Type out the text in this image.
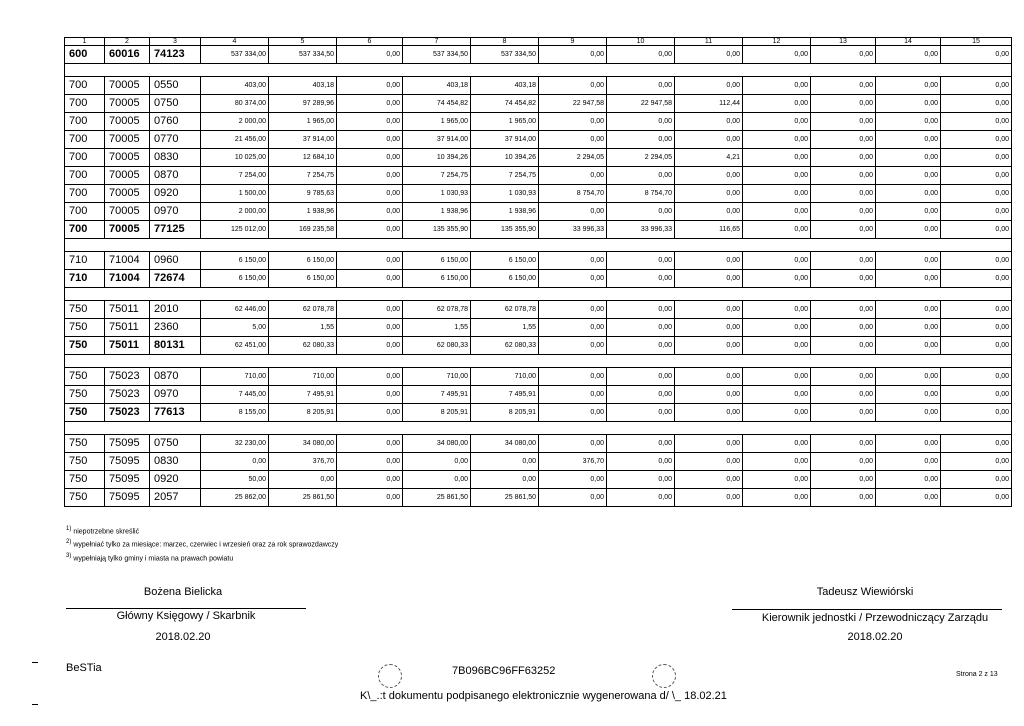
1	2	3	4	5	6	7	8	9	10	11	12	13	14	15
600	60016	74123	537 334,00	537 334,50	0,00	537 334,50	537 334,50	0,00	0,00	0,00	0,00	0,00	0,00	0,00

700	70005	0550	403,00	403,18	0,00	403,18	403,18	0,00	0,00	0,00	0,00	0,00	0,00	0,00
700	70005	0750	80 374,00	97 289,96	0,00	74 454,82	74 454,82	22 947,58	22 947,58	112,44	0,00	0,00	0,00	0,00
700	70005	0760	2 000,00	1 965,00	0,00	1 965,00	1 965,00	0,00	0,00	0,00	0,00	0,00	0,00	0,00
700	70005	0770	21 456,00	37 914,00	0,00	37 914,00	37 914,00	0,00	0,00	0,00	0,00	0,00	0,00	0,00
700	70005	0830	10 025,00	12 684,10	0,00	10 394,26	10 394,26	2 294,05	2 294,05	4,21	0,00	0,00	0,00	0,00
700	70005	0870	7 254,00	7 254,75	0,00	7 254,75	7 254,75	0,00	0,00	0,00	0,00	0,00	0,00	0,00
700	70005	0920	1 500,00	9 785,63	0,00	1 030,93	1 030,93	8 754,70	8 754,70	0,00	0,00	0,00	0,00	0,00
700	70005	0970	2 000,00	1 938,96	0,00	1 938,96	1 938,96	0,00	0,00	0,00	0,00	0,00	0,00	0,00
700	70005	77125	125 012,00	169 235,58	0,00	135 355,90	135 355,90	33 996,33	33 996,33	116,65	0,00	0,00	0,00	0,00

710	71004	0960	6 150,00	6 150,00	0,00	6 150,00	6 150,00	0,00	0,00	0,00	0,00	0,00	0,00	0,00
710	71004	72674	6 150,00	6 150,00	0,00	6 150,00	6 150,00	0,00	0,00	0,00	0,00	0,00	0,00	0,00

750	75011	2010	62 446,00	62 078,78	0,00	62 078,78	62 078,78	0,00	0,00	0,00	0,00	0,00	0,00	0,00
750	75011	2360	5,00	1,55	0,00	1,55	1,55	0,00	0,00	0,00	0,00	0,00	0,00	0,00
750	75011	80131	62 451,00	62 080,33	0,00	62 080,33	62 080,33	0,00	0,00	0,00	0,00	0,00	0,00	0,00

750	75023	0870	710,00	710,00	0,00	710,00	710,00	0,00	0,00	0,00	0,00	0,00	0,00	0,00
750	75023	0970	7 445,00	7 495,91	0,00	7 495,91	7 495,91	0,00	0,00	0,00	0,00	0,00	0,00	0,00
750	75023	77613	8 155,00	8 205,91	0,00	8 205,91	8 205,91	0,00	0,00	0,00	0,00	0,00	0,00	0,00

750	75095	0750	32 230,00	34 080,00	0,00	34 080,00	34 080,00	0,00	0,00	0,00	0,00	0,00	0,00	0,00
750	75095	0830	0,00	376,70	0,00	0,00	0,00	376,70	0,00	0,00	0,00	0,00	0,00	0,00
750	75095	0920	50,00	0,00	0,00	0,00	0,00	0,00	0,00	0,00	0,00	0,00	0,00	0,00
750	75095	2057	25 862,00	25 861,50	0,00	25 861,50	25 861,50	0,00	0,00	0,00	0,00	0,00	0,00	0,00
$^{1)}$ niepotrzebne skreślić
$^{2)}$ wypełniać tylko za miesiące: marzec, czerwiec i wrzesień oraz za rok sprawozdawczy
$^{3)}$ wypełniają tylko gminy i miasta na prawach powiatu
Bożena Bielicka
Główny Księgowy / Skarbnik
2018.02.20
Tadeusz Wiewiórski
Kierownik jednostki / Przewodniczący Zarządu
2018.02.20
BeSTia	7B096BC96FF63252
K\_.:t dokumentu podpisanego elektronicznie wygenerowana d/ \_ 18.02.21
Strona 2 z 13
